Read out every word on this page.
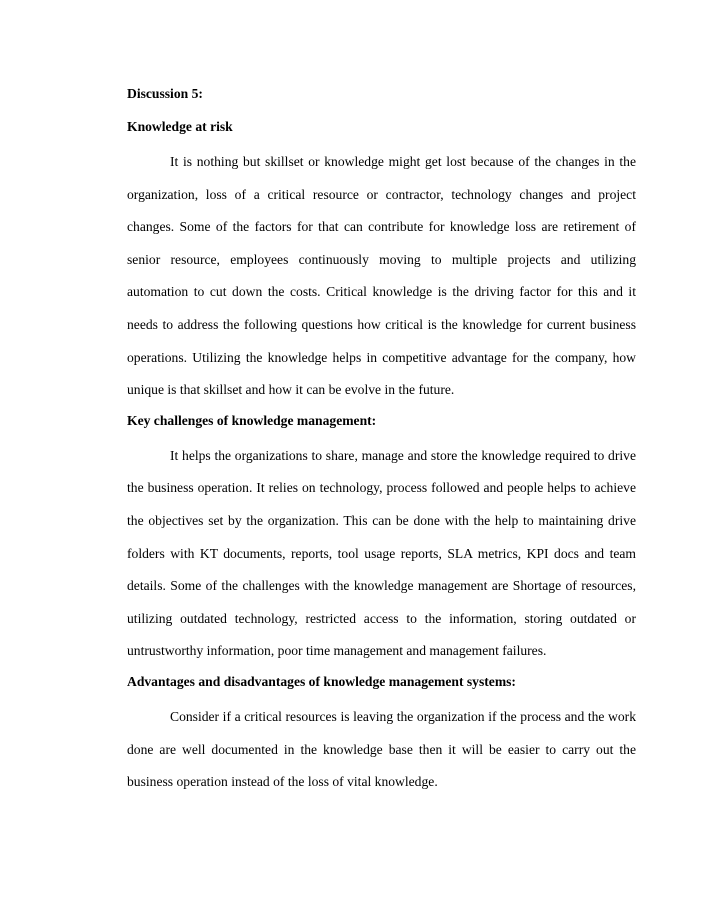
Discussion 5:
Knowledge at risk

It is nothing but skillset or knowledge might get lost because of the changes in the organization, loss of a critical resource or contractor, technology changes and project changes. Some of the factors for that can contribute for knowledge loss are retirement of senior resource, employees continuously moving to multiple projects and utilizing automation to cut down the costs. Critical knowledge is the driving factor for this and it needs to address the following questions how critical is the knowledge for current business operations. Utilizing the knowledge helps in competitive advantage for the company, how unique is that skillset and how it can be evolve in the future.

Key challenges of knowledge management:

It helps the organizations to share, manage and store the knowledge required to drive the business operation. It relies on technology, process followed and people helps to achieve the objectives set by the organization. This can be done with the help to maintaining drive folders with KT documents, reports, tool usage reports, SLA metrics, KPI docs and team details. Some of the challenges with the knowledge management are Shortage of resources, utilizing outdated technology, restricted access to the information, storing outdated or untrustworthy information, poor time management and management failures.

Advantages and disadvantages of knowledge management systems:

Consider if a critical resources is leaving the organization if the process and the work done are well documented in the knowledge base then it will be easier to carry out the business operation instead of the loss of vital knowledge.
